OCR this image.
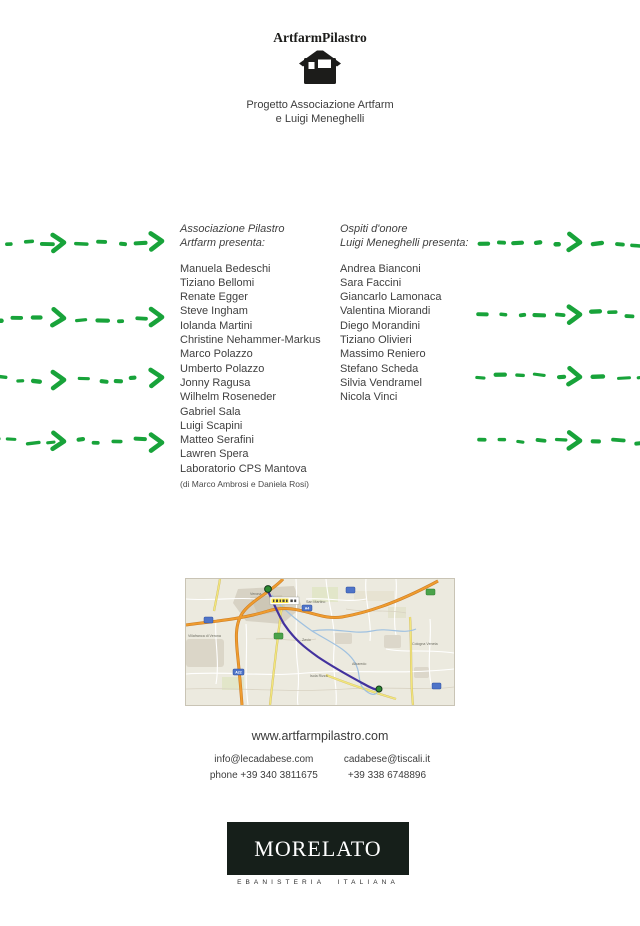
ArtfarmPilastro
Progetto Associazione Artfarm
e Luigi Meneghelli
Associazione Pilastro
Artfarm presenta:
Manuela Bedeschi
Tiziano Bellomi
Renate Egger
Steve Ingham
Iolanda Martini
Christine Nehammer-Markus
Marco Polazzo
Umberto Polazzo
Jonny Ragusa
Wilhelm Roseneder
Gabriel Sala
Luigi Scapini
Matteo Serafini
Lawren Spera
Laboratorio CPS Mantova
(di Marco Ambrosi e Daniela Rosi)
Ospiti d'onore
Luigi Meneghelli presenta:
Andrea Bianconi
Sara Faccini
Giancarlo Lamonaca
Valentina Miorandi
Diego Morandini
Tiziano Olivieri
Massimo Reniero
Stefano Scheda
Silvia Vendramel
Nicola Vinci
A4
A22
Verona
San Martino
Villafranca di Verona
Cologna Veneta
Zevio
Isola Rizza
Albaredo
www.artfarmpilastro.com
info@lecadabese.com
phone +39 340 3811675
cadabese@tiscali.it
+39 338 6748896
MORELATO
EBANISTERIA ITALIANA
